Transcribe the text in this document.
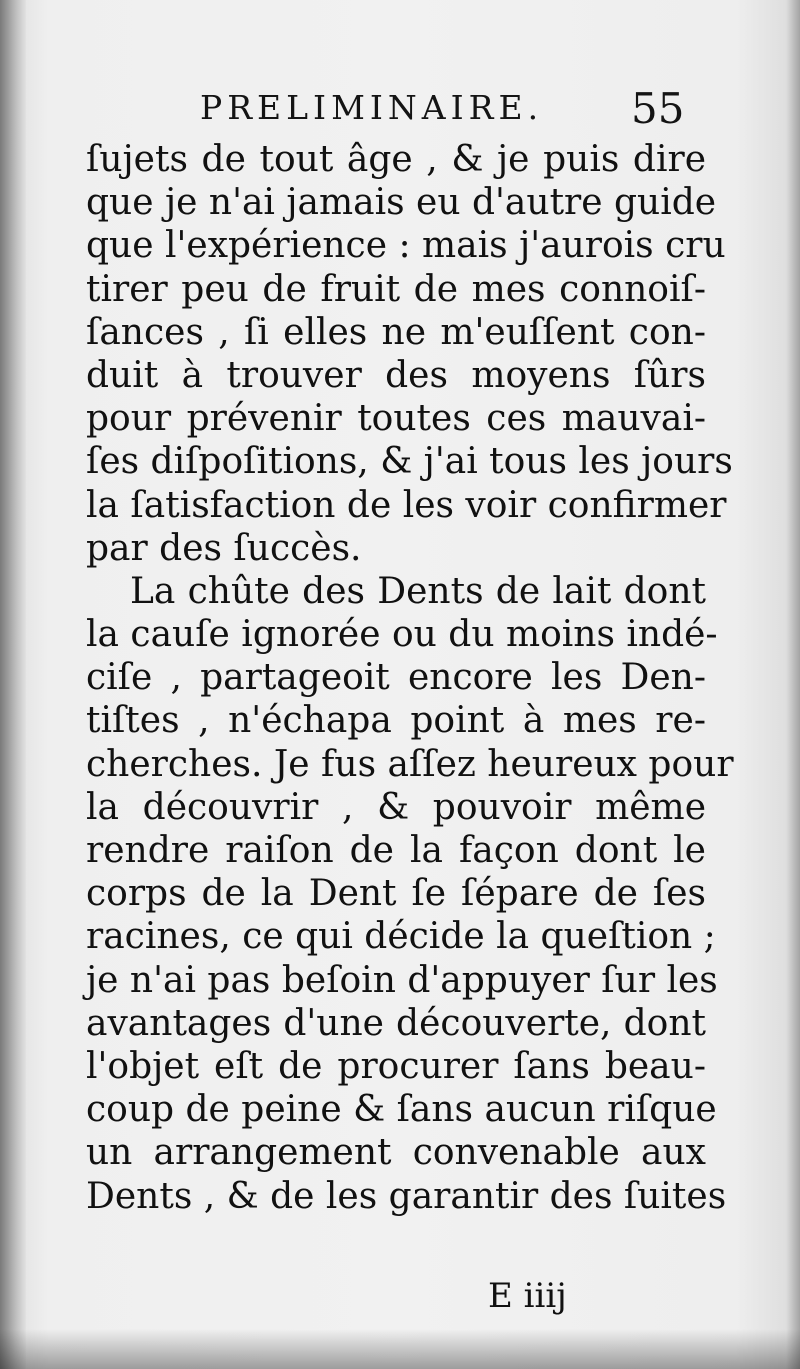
PRELIMINAIRE. 55
ſujets de tout âge , & je puis dire
que je n'ai jamais eu d'autre guide
que l'expérience : mais j'aurois cru
tirer peu de fruit de mes connoiſ-
ſances , ſi elles ne m'euſſent con-
duit à trouver des moyens ſûrs
pour prévenir toutes ces mauvai-
ſes diſpoſitions, & j'ai tous les jours
la ſatisfaction de les voir confirmer
par des ſuccès.
La chûte des Dents de lait dont
la cauſe ignorée ou du moins indé-
ciſe , partageoit encore les Den-
tiſtes , n'échapa point à mes re-
cherches. Je fus aſſez heureux pour
la découvrir , & pouvoir même
rendre raiſon de la façon dont le
corps de la Dent ſe ſépare de ſes
racines, ce qui décide la queſtion ;
je n'ai pas beſoin d'appuyer ſur les
avantages d'une découverte, dont
l'objet eſt de procurer ſans beau-
coup de peine & ſans aucun riſque
un arrangement convenable aux
Dents , & de les garantir des ſuites
E iiij
